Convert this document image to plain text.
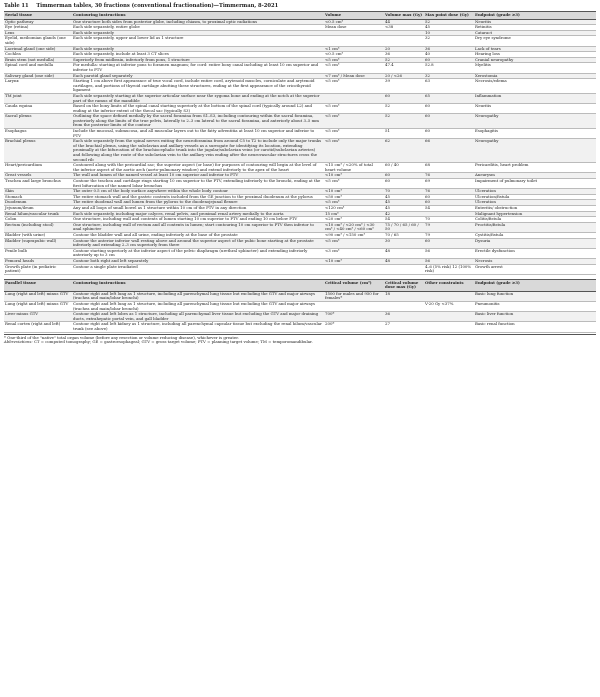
Table 11 Timmerman tables, 30 fractions (conventional fractionation)—Timmerman, 8-2021
Serial tissue	Contouring instructions	Volume	Volume max (Gy)	Max point dose (Gy)	Endpoint (grade ≥3)
Optic pathway	One structure both sides from posterior globe, including chiasm, to proximal optic radiations	<0.5 cm³	44	52	Neuritis
Eye (retina)	Each side separately, entire globe	Mean dose	<38	45	Retinitis
Lens	Each side separately			10	Cataract
Eyelid, meibomian glands (one side)	Each side separately, upper and lower lid as 1 structure			32	Dry eye syndrome
Lacrimal gland (one side)	Each side separately	<1 cm³	20	36	Lack of tears
Cochlea	Each side separately, include at least 3 CT slices	<0.5 cm³	36	40	Hearing loss
Brain stem (not medulla)	Superiorly from midbrain, inferiorly from pons, 1 structure	<5 cm³	52	60	Cranial neuropathy
Spinal cord and medulla	For medulla: starting at inferior pons to foramen magnum; for cord: entire bony canal including at least 10 cm superior and inferior to PTV	<5 cm³	47.4	52.8	Myelitis
Salivary gland (one side)	Each parotid gland separately	<7 cm³ / Mean dose	20 / <26	32	Xerostomia
Larynx	Starting 1 cm above first appearance of true vocal cord, include entire cord, arytenoid muscles, corniculate and arytenoid cartilages, and portions of thyroid cartilage abutting these structures, ending at the first appearance of the cricothyroid ligament	<5 cm³	39	63	Necrosis/edema
TM joint	Each side separately starting at the superior articular surface near the zygoma bone and ending at the notch at the superior part of the ramus of the mandible		60	65	Inflammation
Cauda equina	Based on the bony limits of the spinal canal starting superiorly at the bottom of the spinal cord (typically around L2) and ending at the inferior extent of the thecal sac (typically S3)	<5 cm³	52	60	Neuritis
Sacral plexus	Outlining the space defined medially by the sacral foramina from S1–S3, including contouring within the sacral foramina, posteriorly along the limits of the true pelvis, laterally to 2–3 cm lateral to the sacral foramina, and anteriorly about 3–5 mm from the posterior limits of the contour	<5 cm³	52	60	Neuropathy
Esophagus	Include the mucosal, submucosa, and all muscular layers out to the fatty adventitia at least 10 cm superior and inferior to PTV	<5 cm³	51	60	Esophagitis
Brachial plexus	Each side separately from the spinal nerves exiting the neuroforamina from around C5 to T2 to include only the major trunks of the brachial plexus, using the subclavian and axillary vessels as a surrogate for identifying its location, extending proximally at the bifurcation of the brachiocephalic trunk into the jugular/subclavian veins (or carotid/subclavian arteries) and following along the route of the subclavian vein to the axillary vein ending after the neurovascular structures cross the second rib	<5 cm³	62	66	Neuropathy
Heart/pericardium	Contoured along with the pericardial sac; the superior aspect (or base) for purposes of contouring will begin at the level of the inferior aspect of the aortic arch (aorto-pulmonary window) and extend inferiorly to the apex of the heart	<15 cm³ / <20% of total heart volume	60 / 40	68	Pericarditis, heart problem
Great vessels	The wall and lumen of the named vessel at least 10 cm superior and inferior to PTV	<10 cm³	60	76	Aneurysm
Trachea and large bronchus	Contour the trachea and cartilage rings starting 10 cm superior to the PTV, extending inferiorly to the bronchi, ending at the first bifurcation of the named lobar bronchus	<5 cm³	60	69	Impairment of pulmonary toilet
Skin	The outer 0.5 cm of the body surface anywhere within the whole body contour	<10 cm³	70	76	Ulceration
Stomach	The entire stomach wall and the gastric contents included from the GE junction to the proximal duodenum at the pylorus	<50 cm³	45	60	Ulceration/fistula
Duodenum	The entire duodenal wall and lumen from the pylorus to the duodenojejunal flexure	<5 cm³	45	60	Ulceration
Jejunum/ileum	Any and all loops of small bowel as 1 structure within 10 cm of the PTV in any direction	<120 cm³	45	54	Enteritis/ obstruction
Renal hilum/vascular trunk	Each side separately, including major calyces, renal pelvis, and proximal renal artery medially to the aorta	15 cm³	42		Malignant hypertension
Colon	One structure, including wall and contents of lumen starting 10 cm superior to PTV and ending 10 cm below PTV	<20 cm³	54	70	Colitis/fistula
Rectum (including stool)	One structure, including wall of rectum and all contents in lumen; start contouring 10 cm superior to PTV then inferior to anal sphincter	<10 cm³ / <20 cm³ / <30 cm³ / <40 cm³ / <60 cm³	75 / 70 / 65 / 60 / 50	79	Proctitis/fistula
Bladder (with urine)	Contour the bladder wall and all urine, ending inferiorly at the base of the prostate	<90 cm³ / <150 cm³	70 / 65	79	Cystitis/fistula
Bladder (suprapubic wall)	Contour the anterior inferior wall resting above and around the superior aspect of the pubic bone starting at the prostate inferiorly and extending 2–3 cm superiorly from there	<5 cm³	30	60	Dysuria
Penile bulb	Contour starting superiorly at the inferior aspect of the pelvic diaphragm (urethral sphincter) and extending inferiorly anteriorly up to 3 cm	<3 cm³	48	56	Erectile dysfunction
Femoral heads	Contour both right and left separately	<10 cm³	48	56	Necrosis
Growth plate (in pediatric patient)	Contour a single plate irradiated			4–6 (5% risk) 12 (100% risk)	Growth arrest
Parallel tissue	Contouring instructions	Critical volume (cm³)	Critical volume dose max (Gy)	Other constraints	Endpoint (grade ≥3)
Lung (right and left) minus GTV	Contour right and left lung as 1 structure, including all parenchymal lung tissue but excluding the GTV and major airways (trachea and main/lobar bronchi)	1500 for males and 950 for females*	18		Basic lung function
Lung (right and left) minus GTV	Contour right and left lung as 1 structure, including all parenchymal lung tissue but excluding the GTV and major airways (trachea and main/lobar bronchi)			V-20 Gy <37%	Pneumonitis
Liver minus GTV	Contour right and left lobes as 1 structure, including all parenchymal liver tissue but excluding the GTV and major draining ducts, extrahepatic portal vein, and gall bladder	700*	36		Basic liver function
Renal cortex (right and left)	Contour right and left kidney as 1 structure, including all parenchymal capsular tissue but excluding the renal hilum/vascular trunk (see above)	200*	27		Basic renal function
* One-third of the "native" total organ volume (before any resection or volume reducing disease), whichever is greater.
Abbreviations: CT = computed tomography; GE = gastroesophageal; GTV = gross target volume; PTV = planning target volume; TM = temporomandibular.
